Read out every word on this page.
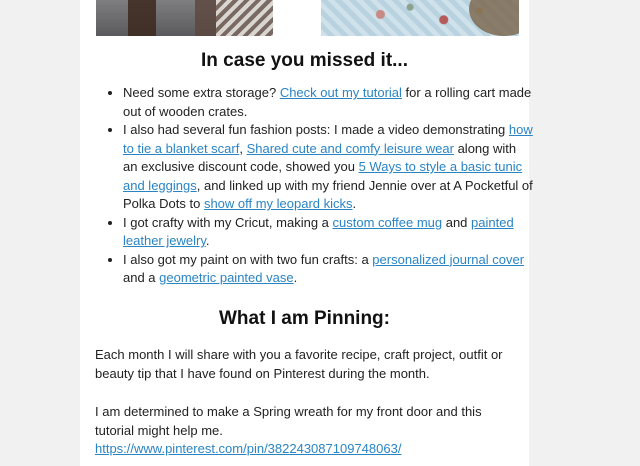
In case you missed it...
• Need some extra storage? Check out my tutorial for a rolling cart made out of wooden crates.
• I also had several fun fashion posts: I made a video demonstrating how to tie a blanket scarf, Shared cute and comfy leisure wear along with an exclusive discount code, showed you 5 Ways to style a basic tunic and leggings, and linked up with my friend Jennie over at A Pocketful of Polka Dots to show off my leopard kicks.
• I got crafty with my Cricut, making a custom coffee mug and painted leather jewelry.
• I also got my paint on with two fun crafts: a personalized journal cover and a geometric painted vase.
What I am Pinning:

Each month I will share with you a favorite recipe, craft project, outfit or beauty tip that I have found on Pinterest during the month.

I am determined to make a Spring wreath for my front door and this tutorial might help me.
https://www.pinterest.com/pin/382243087109748063/
